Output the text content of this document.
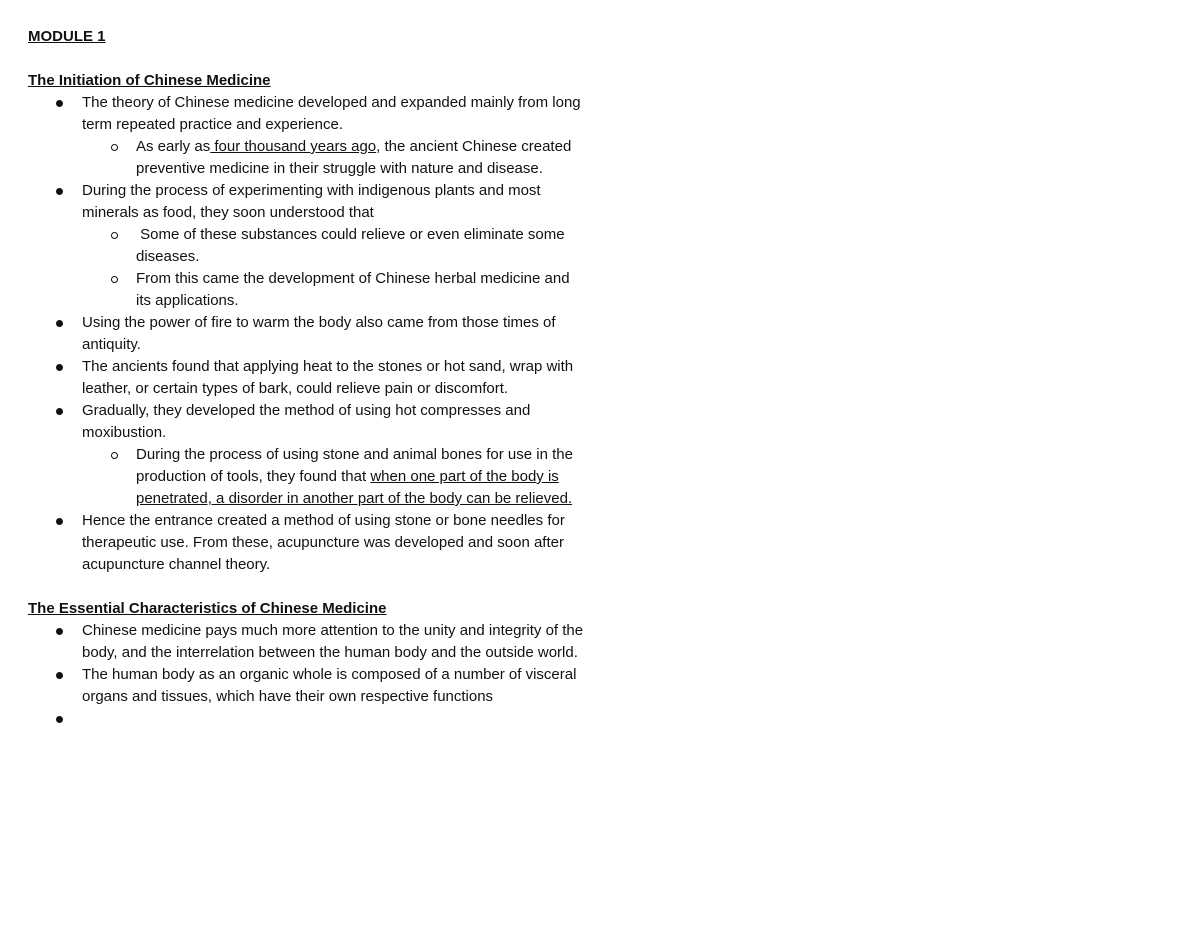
MODULE 1
The Initiation of Chinese Medicine
The theory of Chinese medicine developed and expanded mainly from long term repeated practice and experience.
As early as four thousand years ago, the ancient Chinese created preventive medicine in their struggle with nature and disease.
During the process of experimenting with indigenous plants and most minerals as food, they soon understood that
Some of these substances could relieve or even eliminate some diseases.
From this came the development of Chinese herbal medicine and its applications.
Using the power of fire to warm the body also came from those times of antiquity.
The ancients found that applying heat to the stones or hot sand, wrap with leather, or certain types of bark, could relieve pain or discomfort.
Gradually, they developed the method of using hot compresses and moxibustion.
During the process of using stone and animal bones for use in the production of tools, they found that when one part of the body is penetrated, a disorder in another part of the body can be relieved.
Hence the entrance created a method of using stone or bone needles for therapeutic use. From these, acupuncture was developed and soon after acupuncture channel theory.
The Essential Characteristics of Chinese Medicine
Chinese medicine pays much more attention to the unity and integrity of the body, and the interrelation between the human body and the outside world.
The human body as an organic whole is composed of a number of visceral organs and tissues, which have their own respective functions
